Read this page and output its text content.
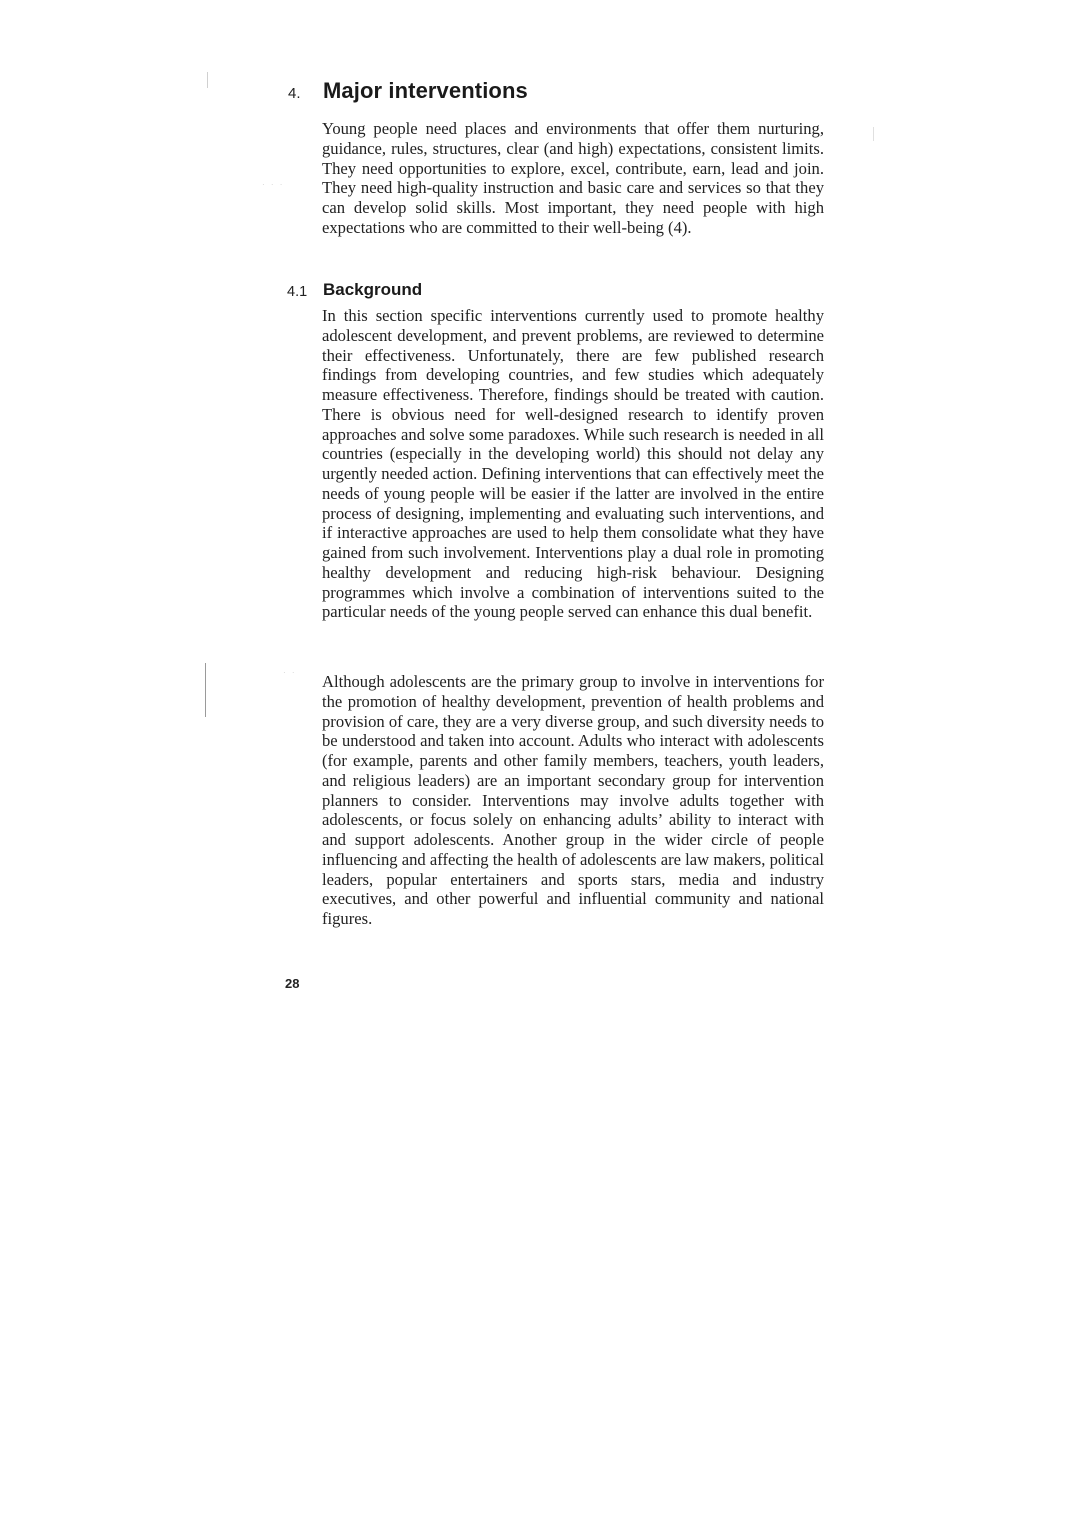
· · ·
· ·
4. Major interventions

Young people need places and environments that offer them nurturing, guidance, rules, structures, clear (and high) expectations, consistent limits. They need opportunities to explore, excel, contribute, earn, lead and join. They need high-quality instruction and basic care and services so that they can develop solid skills. Most important, they need people with high expectations who are committed to their well-being (4).

4.1 Background

In this section specific interventions currently used to promote healthy adolescent development, and prevent problems, are reviewed to determine their effectiveness. Unfortunately, there are few published research findings from developing countries, and few studies which adequately measure effectiveness. Therefore, findings should be treated with caution. There is obvious need for well-designed research to identify proven approaches and solve some paradoxes. While such research is needed in all countries (especially in the developing world) this should not delay any urgently needed action. Defining interventions that can effectively meet the needs of young people will be easier if the latter are involved in the entire process of designing, implementing and evaluating such interventions, and if interactive approaches are used to help them consolidate what they have gained from such involvement. Interventions play a dual role in promoting healthy development and reducing high-risk behaviour. Designing programmes which involve a combination of interventions suited to the particular needs of the young people served can enhance this dual benefit.

Although adolescents are the primary group to involve in interventions for the promotion of healthy development, prevention of health problems and provision of care, they are a very diverse group, and such diversity needs to be understood and taken into account. Adults who interact with adolescents (for example, parents and other family members, teachers, youth leaders, and religious leaders) are an important secondary group for intervention planners to consider. Interventions may involve adults together with adolescents, or focus solely on enhancing adults’ ability to interact with and support adolescents. Another group in the wider circle of people influencing and affecting the health of adolescents are law makers, political leaders, popular entertainers and sports stars, media and industry executives, and other powerful and influential community and national figures.

28
